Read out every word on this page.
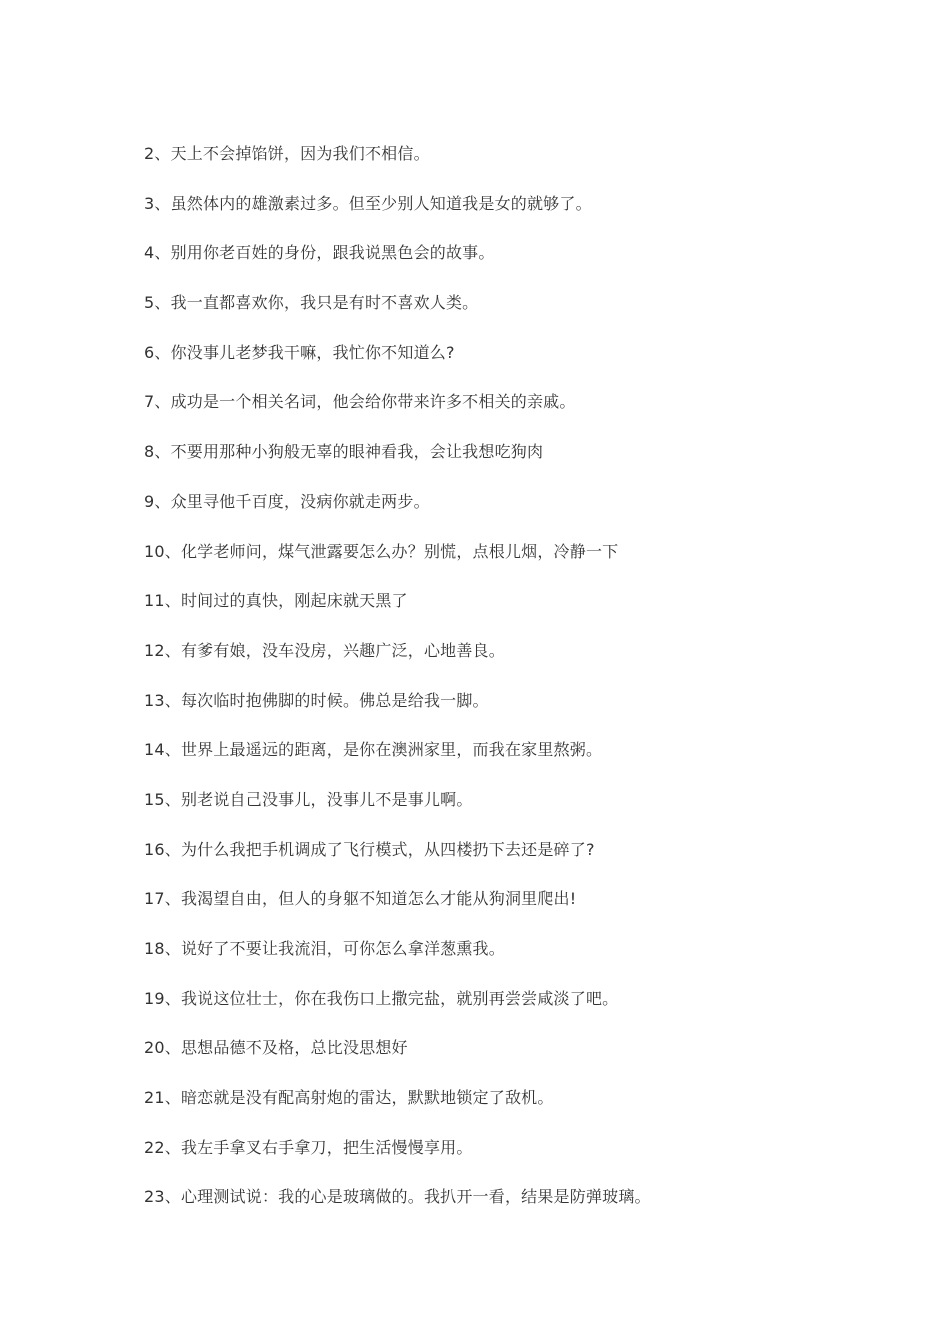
2、天上不会掉馅饼，因为我们不相信。
3、虽然体内的雄激素过多。但至少别人知道我是女的就够了。
4、别用你老百姓的身份，跟我说黑色会的故事。
5、我一直都喜欢你，我只是有时不喜欢人类。
6、你没事儿老梦我干嘛，我忙你不知道么?
7、成功是一个相关名词，他会给你带来许多不相关的亲戚。
8、不要用那种小狗般无辜的眼神看我，会让我想吃狗肉
9、众里寻他千百度，没病你就走两步。
10、化学老师问，煤气泄露要怎么办？别慌，点根儿烟，冷静一下
11、时间过的真快，刚起床就天黑了
12、有爹有娘，没车没房，兴趣广泛，心地善良。
13、每次临时抱佛脚的时候。佛总是给我一脚。
14、世界上最遥远的距离，是你在澳洲家里，而我在家里熬粥。
15、别老说自己没事儿，没事儿不是事儿啊。
16、为什么我把手机调成了飞行模式，从四楼扔下去还是碎了?
17、我渴望自由，但人的身躯不知道怎么才能从狗洞里爬出!
18、说好了不要让我流泪，可你怎么拿洋葱熏我。
19、我说这位壮士，你在我伤口上撒完盐，就别再尝尝咸淡了吧。
20、思想品德不及格，总比没思想好
21、暗恋就是没有配高射炮的雷达，默默地锁定了敌机。
22、我左手拿叉右手拿刀，把生活慢慢享用。
23、心理测试说：我的心是玻璃做的。我扒开一看，结果是防弹玻璃。
